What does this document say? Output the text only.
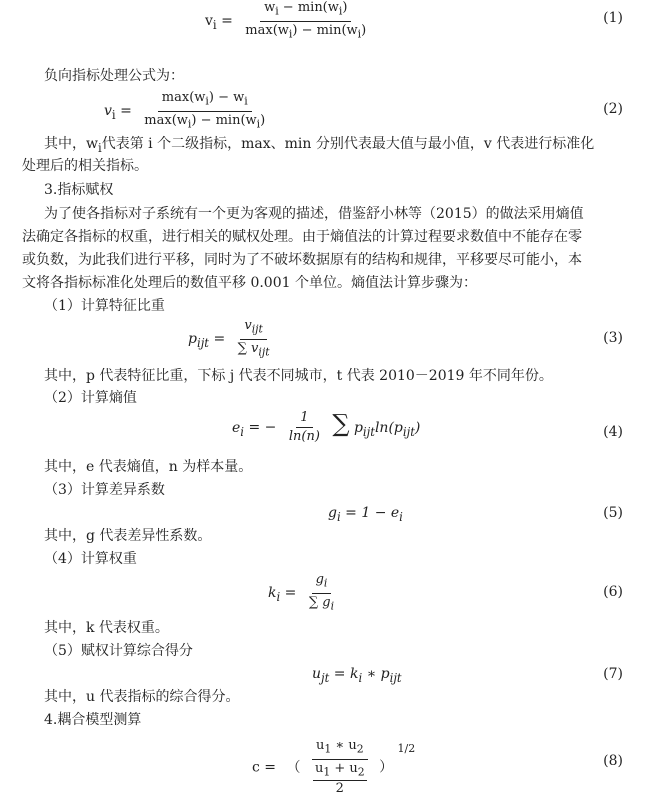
$v_i = \frac{w_i - \min(w_i)}{\max(w_i) - \min(w_i)}$	(1)
负向指标处理公式为：
$v_i = \frac{\max(w_i) - w_i}{\max(w_i) - \min(w_i)}$	(2)
其中，$w_i$代表第 i 个二级指标，max、min 分别代表最大值与最小值，v 代表进行标准化
处理后的相关指标。
3.指标赋权
为了使各指标对子系统有一个更为客观的描述，借鉴舒小林等（2015）的做法采用熵值
法确定各指标的权重，进行相关的赋权处理。由于熵值法的计算过程要求数值中不能存在零
或负数，为此我们进行平移，同时为了不破坏数据原有的结构和规律，平移要尽可能小，本
文将各指标标准化处理后的数值平移 0.001 个单位。熵值法计算步骤为：
（1）计算特征比重
$p_{ijt} = \frac{v_{ijt}}{\sum v_{ijt}}$	(3)
其中，p 代表特征比重，下标 j 代表不同城市，t 代表 2010－2019 年不同年份。
（2）计算熵值
$e_i$ = − $\frac{1}{\ln(n)}$ ∑ $p_{ijt}\ln(p_{ijt})$	(4)
其中，e 代表熵值，n 为样本量。
（3）计算差异系数
$g_i = 1 - e_i$	(5)
其中，g 代表差异性系数。
（4）计算权重
$k_i = \frac{g_i}{\sum g_i}$	(6)
其中，k 代表权重。
（5）赋权计算综合得分
$u_{jt} = k_i$ ∗ $p_{ijt}$	(7)
其中，u 代表指标的综合得分。
4.耦合模型测算
c = （ $u_1$ ∗ $u_2$
$u_1 + u_2$
2 ） $^{1/2}$
(8)
